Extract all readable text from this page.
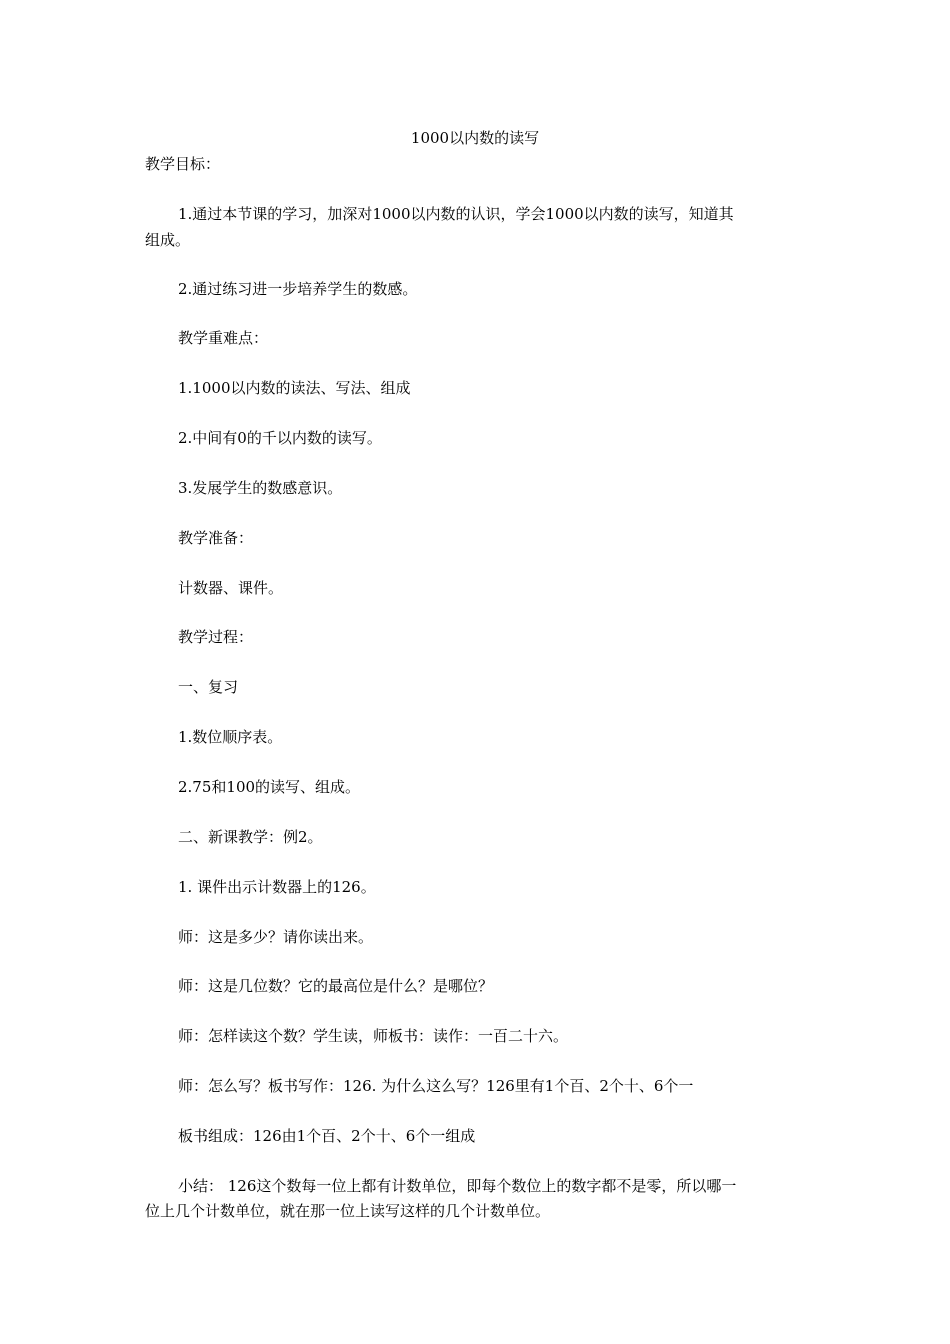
1000以内数的读写
教学目标：
1.通过本节课的学习，加深对1000以内数的认识，学会1000以内数的读写，知道其
组成。
2.通过练习进一步培养学生的数感。
教学重难点：
1.1000以内数的读法、写法、组成
2.中间有0的千以内数的读写。
3.发展学生的数感意识。
教学准备：
计数器、课件。
教学过程：
一、复习
1.数位顺序表。
2.75和100的读写、组成。
二、新课教学：例2。
1. 课件出示计数器上的126。
师：这是多少？请你读出来。
师：这是几位数？它的最高位是什么？是哪位？
师：怎样读这个数？学生读，师板书：读作：一百二十六。
师：怎么写？板书写作：126. 为什么这么写？126里有1个百、2个十、6个一
板书组成：126由1个百、2个十、6个一组成
小结： 126这个数每一位上都有计数单位，即每个数位上的数字都不是零，所以哪一
位上几个计数单位，就在那一位上读写这样的几个计数单位。
